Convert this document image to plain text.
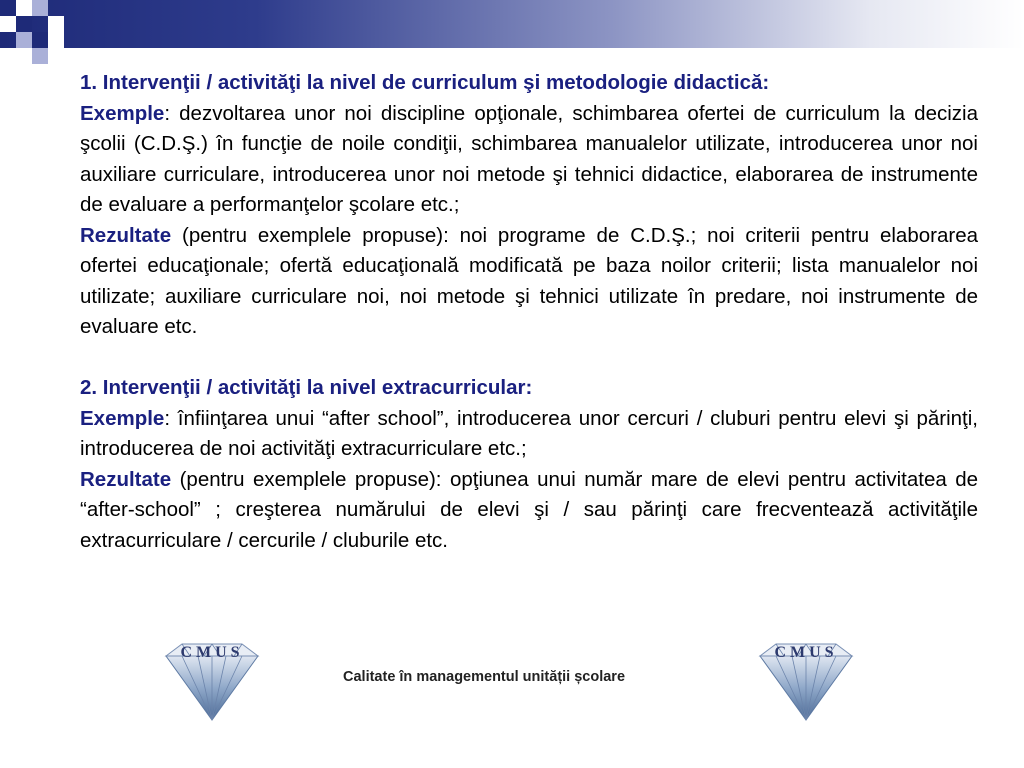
1. Intervenţii / activităţi la nivel de curriculum şi metodologie didactică:

Exemple: dezvoltarea unor noi discipline opţionale, schimbarea ofertei de curriculum la decizia şcolii (C.D.Ş.) în funcţie de noile condiţii, schimbarea manualelor utilizate, introducerea unor noi auxiliare curriculare, introducerea unor noi metode şi tehnici didactice, elaborarea de instrumente de evaluare a performanţelor şcolare etc.;

Rezultate (pentru exemplele propuse): noi programe de C.D.Ş.; noi criterii pentru elaborarea ofertei educaţionale; ofertă educaţională modificată pe baza noilor criterii; lista manualelor noi utilizate; auxiliare curriculare noi, noi metode şi tehnici utilizate în predare, noi instrumente de evaluare etc.

2. Intervenţii / activităţi la nivel extracurricular:

Exemple: înfiinţarea unui “after school”, introducerea unor cercuri / cluburi pentru elevi şi părinţi, introducerea de noi activităţi extracurriculare etc.;

Rezultate (pentru exemplele propuse): opţiunea unui număr mare de elevi pentru activitatea de “after-school” ; creşterea numărului de elevi şi / sau părinţi care frecventează activităţile extracurriculare / cercurile / cluburile etc.

CMUS	CMUS
Calitate în managementul unității școlare
